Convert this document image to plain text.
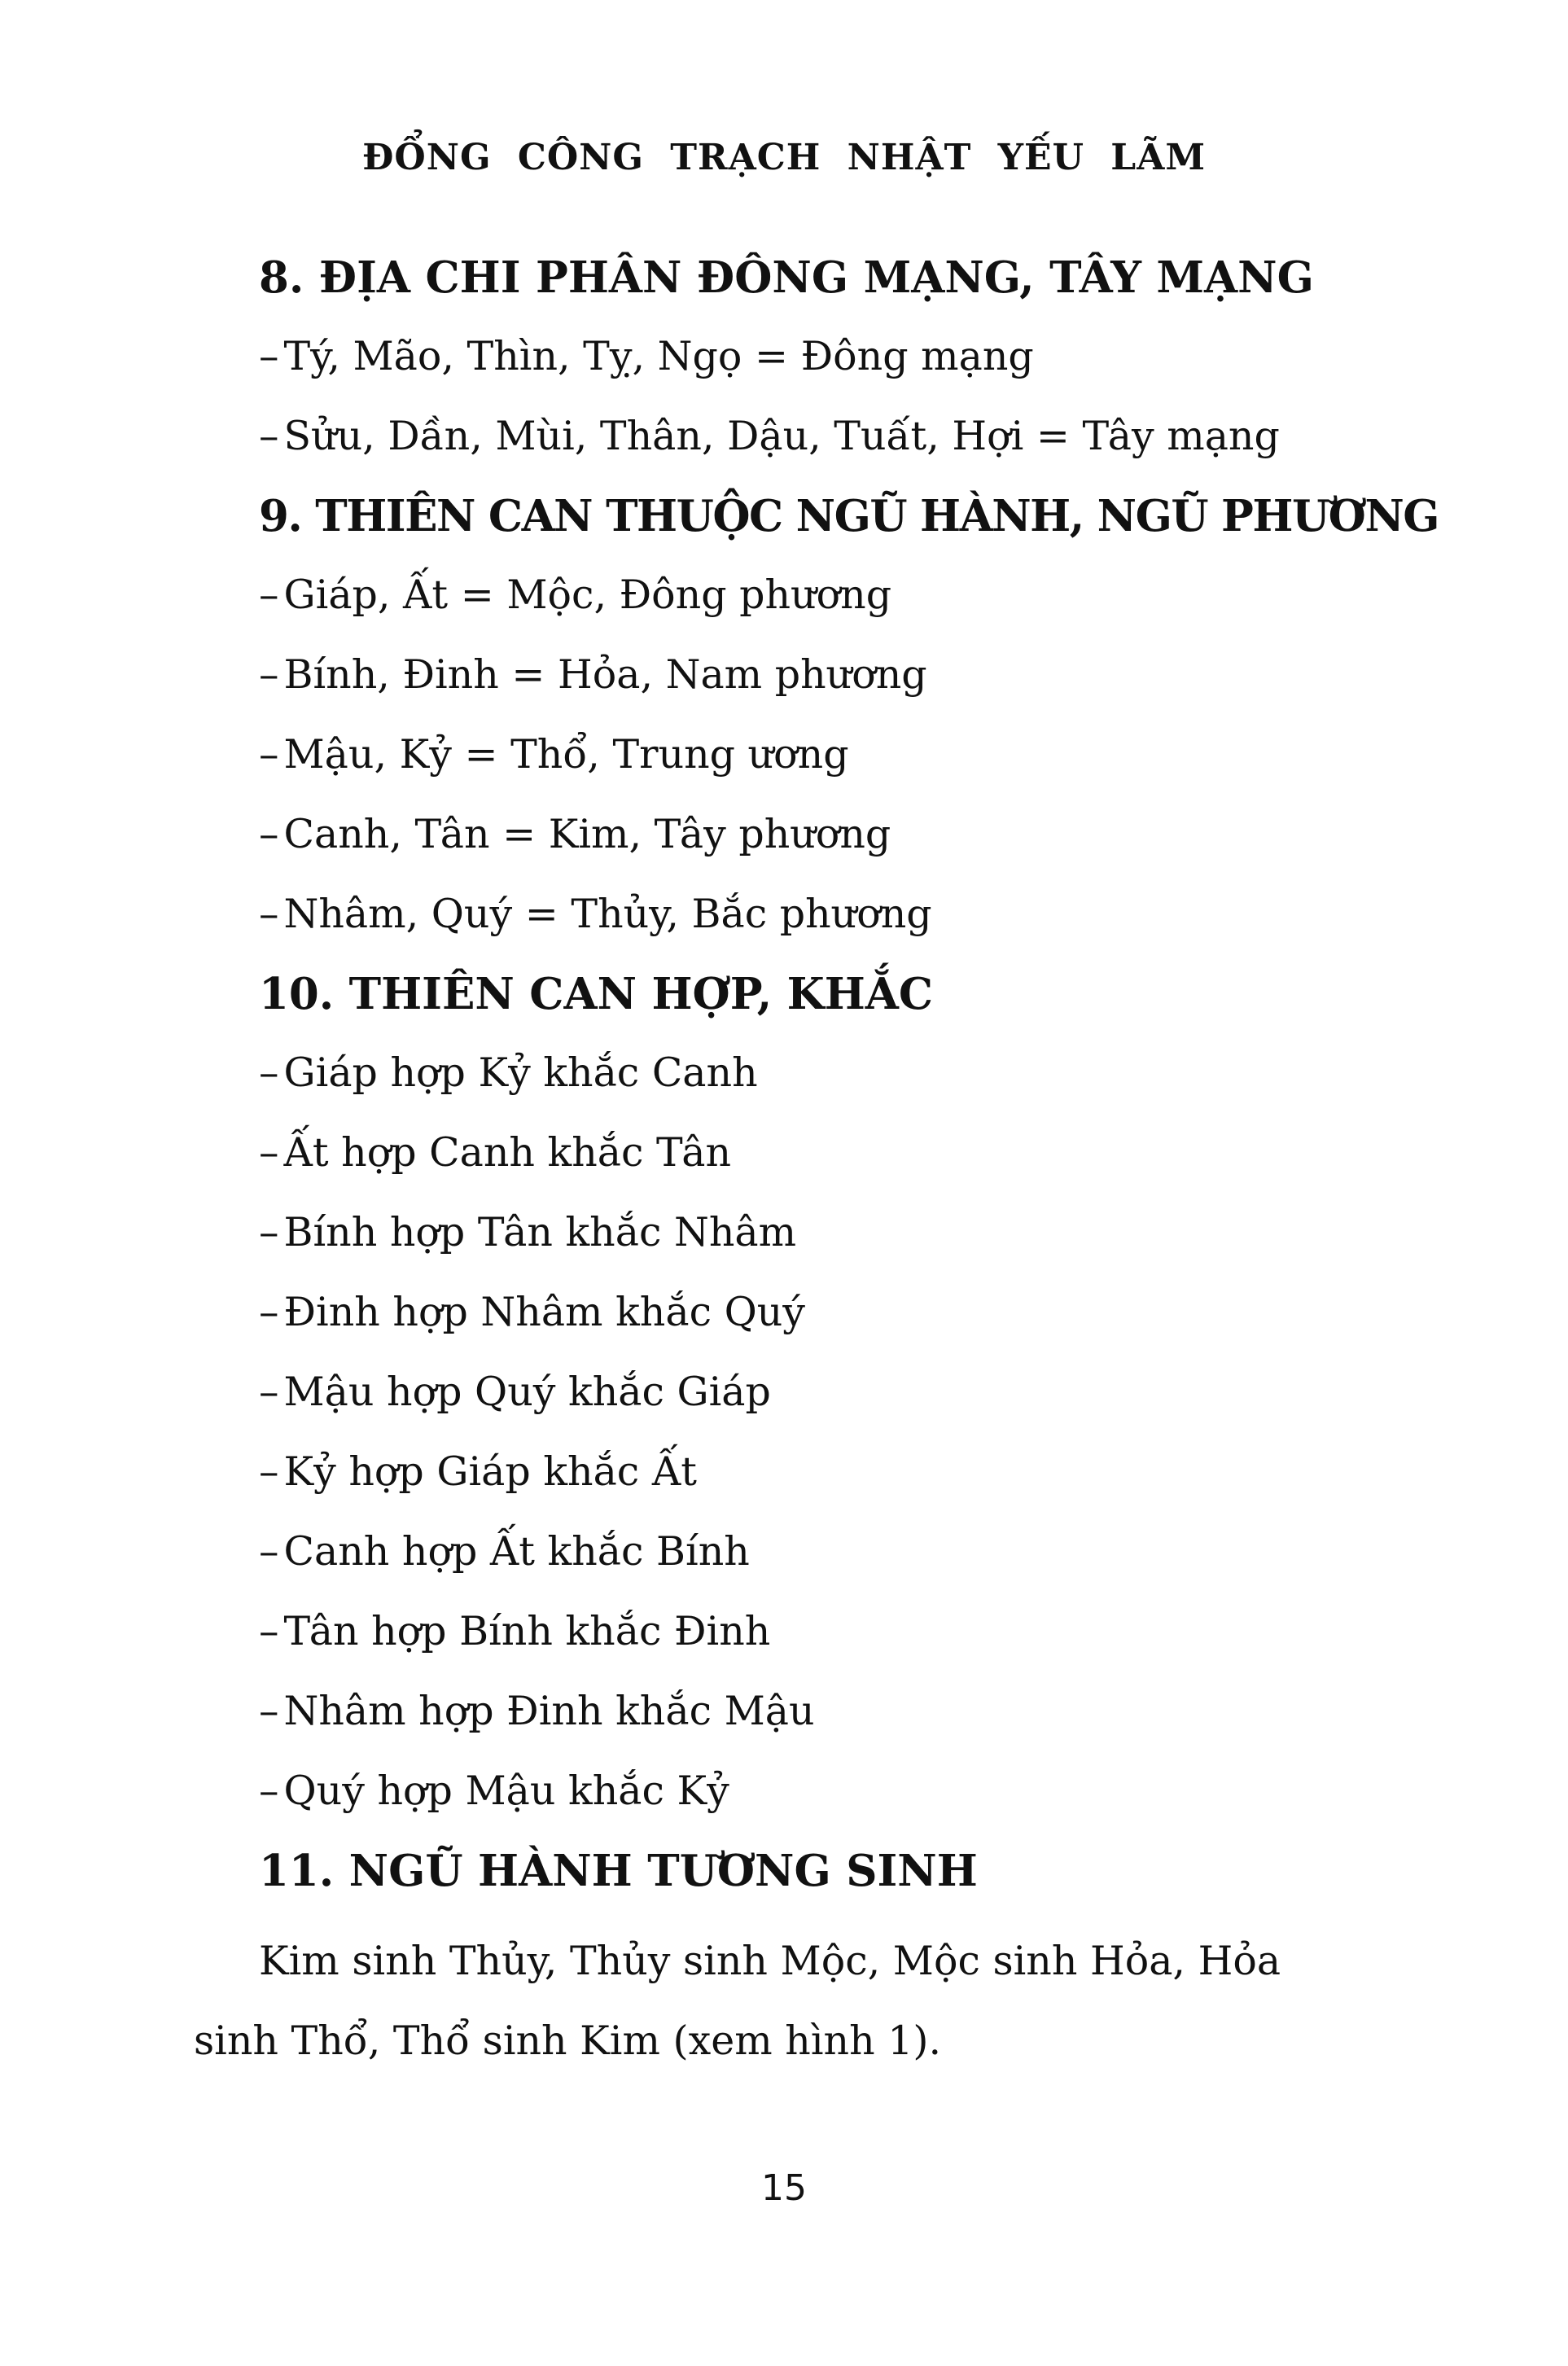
ĐỔNG CÔNG TRẠCH NHẬT YẾU LÃM
8. ĐỊA CHI PHÂN ĐÔNG MẠNG, TÂY MẠNG
– Tý, Mão, Thìn, Tỵ, Ngọ = Đông mạng
– Sửu, Dần, Mùi, Thân, Dậu, Tuất, Hợi = Tây mạng
9. THIÊN CAN THUỘC NGŨ HÀNH, NGŨ PHƯƠNG
– Giáp, Ất = Mộc, Đông phương
– Bính, Đinh = Hỏa, Nam phương
– Mậu, Kỷ = Thổ, Trung ương
– Canh, Tân = Kim, Tây phương
– Nhâm, Quý = Thủy, Bắc phương
10. THIÊN CAN HỢP, KHẮC
– Giáp hợp Kỷ khắc Canh
– Ất hợp Canh khắc Tân
– Bính hợp Tân khắc Nhâm
– Đinh hợp Nhâm khắc Quý
– Mậu hợp Quý khắc Giáp
– Kỷ hợp Giáp khắc Ất
– Canh hợp Ất khắc Bính
– Tân hợp Bính khắc Đinh
– Nhâm hợp Đinh khắc Mậu
– Quý hợp Mậu khắc Kỷ
11. NGŨ HÀNH TƯƠNG SINH

Kim sinh Thủy, Thủy sinh Mộc, Mộc sinh Hỏa, Hỏa sinh Thổ, Thổ sinh Kim (xem hình 1).

15
